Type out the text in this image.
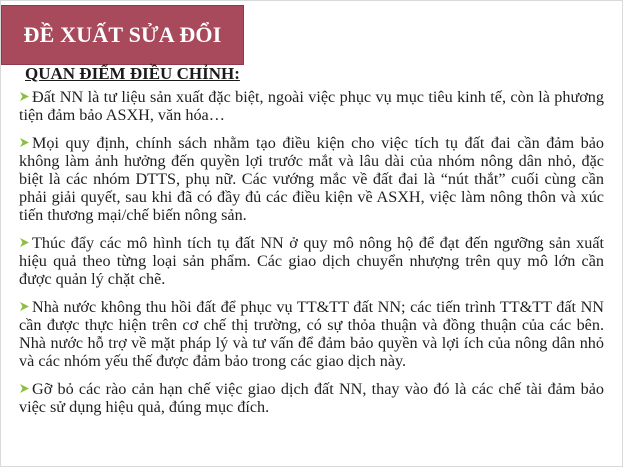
ĐỀ XUẤT SỬA ĐỔI
QUAN ĐIỂM ĐIỀU CHỈNH:
Đất NN là tư liệu sản xuất đặc biệt, ngoài việc phục vụ mục tiêu kinh tế, còn là phương tiện đảm bảo ASXH, văn hóa…
Mọi quy định, chính sách nhằm tạo điều kiện cho việc tích tụ đất đai cần đảm bảo không làm ảnh hưởng đến quyền lợi trước mắt và lâu dài của nhóm nông dân nhỏ, đặc biệt là các nhóm DTTS, phụ nữ. Các vướng mắc về đất đai là “nút thắt” cuối cùng cần phải giải quyết, sau khi đã có đầy đủ các điều kiện về ASXH, việc làm nông thôn và xúc tiến thương mại/chế biến nông sản.
Thúc đẩy các mô hình tích tụ đất NN ở quy mô nông hộ để đạt đến ngưỡng sản xuất hiệu quả theo từng loại sản phẩm. Các giao dịch chuyển nhượng trên quy mô lớn cần được quản lý chặt chẽ.
Nhà nước không thu hồi đất để phục vụ TT&TT đất NN; các tiến trình TT&TT đất NN cần được thực hiện trên cơ chế thị trường, có sự thỏa thuận và đồng thuận của các bên. Nhà nước hỗ trợ về mặt pháp lý và tư vấn để đảm bảo quyền và lợi ích của nông dân nhỏ và các nhóm yếu thế được đảm bảo trong các giao dịch này.
Gỡ bỏ các rào cản hạn chế việc giao dịch đất NN, thay vào đó là các chế tài đảm bảo việc sử dụng hiệu quả, đúng mục đích.
